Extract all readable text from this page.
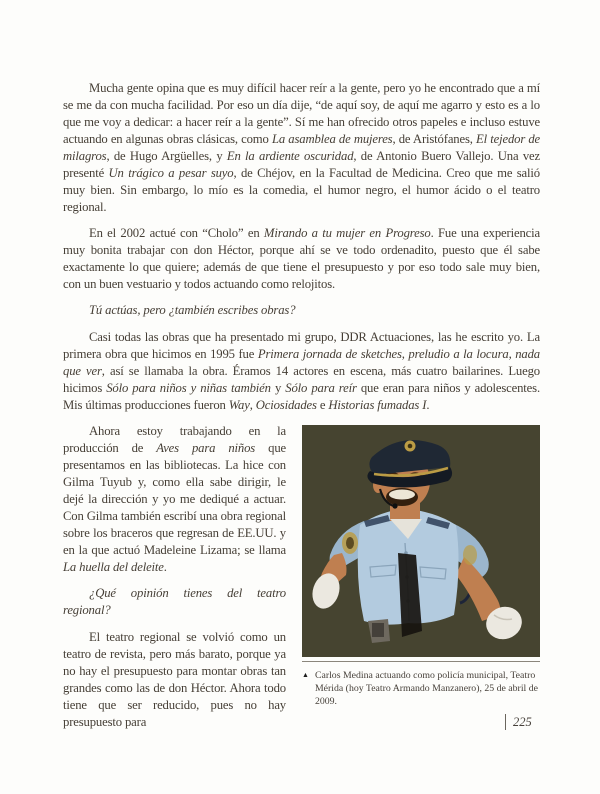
Mucha gente opina que es muy difícil hacer reír a la gente, pero yo he encontrado que a mí se me da con mucha facilidad. Por eso un día dije, “de aquí soy, de aquí me agarro y esto es a lo que me voy a dedicar: a hacer reír a la gente”. Sí me han ofrecido otros papeles e incluso estuve actuando en algunas obras clásicas, como La asamblea de mujeres, de Aristófanes, El tejedor de milagros, de Hugo Argüelles, y En la ardiente oscuridad, de Antonio Buero Vallejo. Una vez presenté Un trágico a pesar suyo, de Chéjov, en la Facultad de Medicina. Creo que me salió muy bien. Sin embargo, lo mío es la comedia, el humor negro, el humor ácido o el teatro regional.

En el 2002 actué con “Cholo” en Mirando a tu mujer en Progreso. Fue una experiencia muy bonita trabajar con don Héctor, porque ahí se ve todo ordenadito, puesto que él sabe exactamente lo que quiere; además de que tiene el presupuesto y por eso todo sale muy bien, con un buen vestuario y todos actuando como relojitos.

Tú actúas, pero ¿también escribes obras?

Casi todas las obras que ha presentado mi grupo, DDR Actuaciones, las he escrito yo. La primera obra que hicimos en 1995 fue Primera jornada de sketches, preludio a la locura, nada que ver, así se llamaba la obra. Éramos 14 actores en escena, más cuatro bailarines. Luego hicimos Sólo para niños y niñas también y Sólo para reír que eran para niños y adolescentes. Mis últimas producciones fueron Way, Ociosidades e Historias fumadas I.

▲ Carlos Medina actuando como policía municipal, Teatro Mérida (hoy Teatro Armando Manzanero), 25 de abril de 2009.

Ahora estoy trabajando en la producción de Aves para niños que presentamos en las bibliotecas. La hice con Gilma Tuyub y, como ella sabe dirigir, le dejé la dirección y yo me dediqué a actuar. Con Gilma también escribí una obra regional sobre los braceros que regresan de EE.UU. y en la que actuó Madeleine Lizama; se llama La huella del deleite.

¿Qué opinión tienes del teatro regional?

El teatro regional se volvió como un teatro de revista, pero más barato, porque ya no hay el presupuesto para montar obras tan grandes como las de don Héctor. Ahora todo tiene que ser reducido, pues no hay presupuesto para	225
